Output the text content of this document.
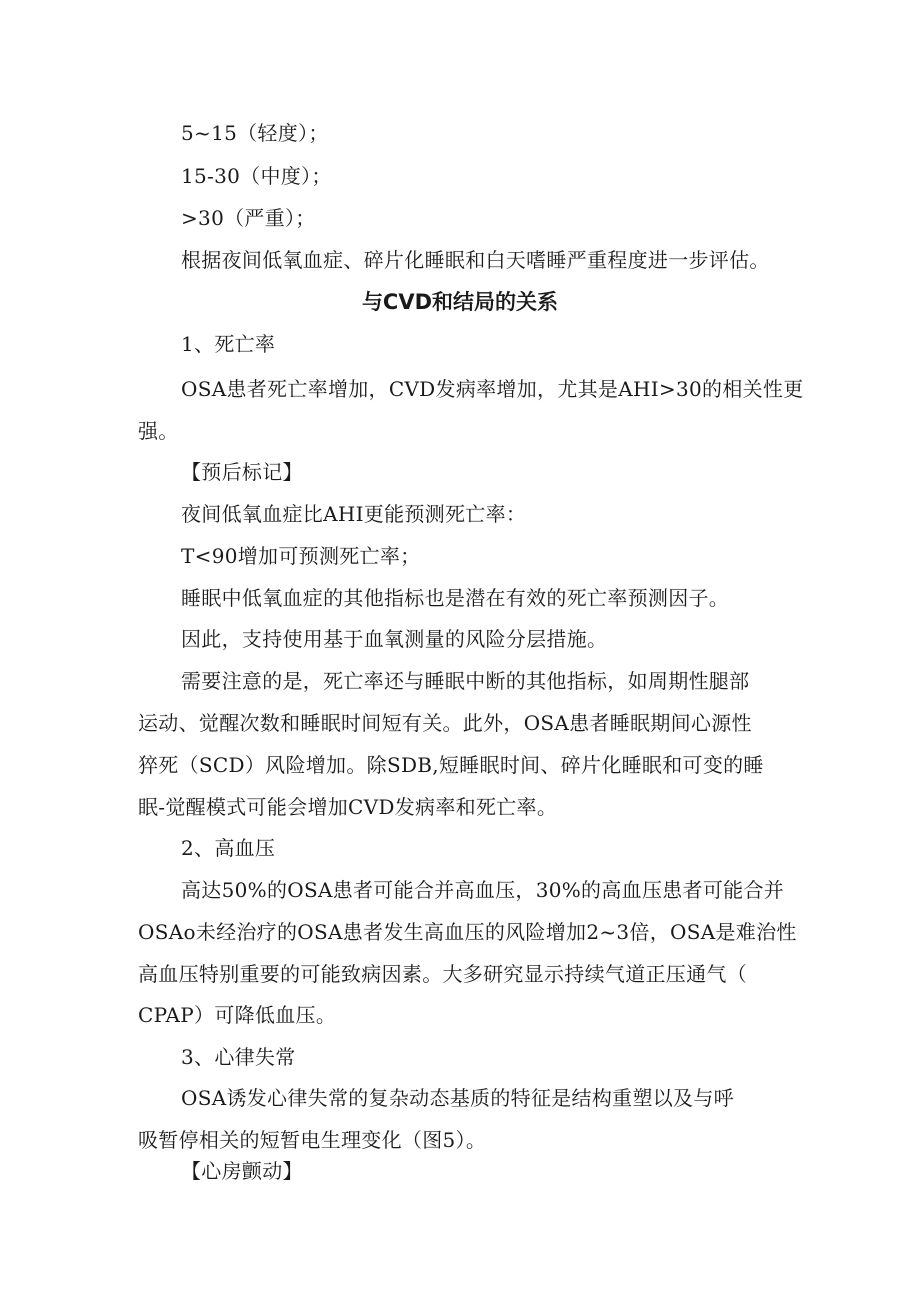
5~15（轻度）；
15-30（中度）；
>30（严重）；
根据夜间低氧血症、碎片化睡眠和白天嗜睡严重程度进一步评估。
与CVD和结局的关系
1、死亡率
OSA患者死亡率增加，CVD发病率增加，尤其是AHI>30的相关性更
强。
【预后标记】
夜间低氧血症比AHI更能预测死亡率：
T<90增加可预测死亡率；
睡眠中低氧血症的其他指标也是潜在有效的死亡率预测因子。
因此，支持使用基于血氧测量的风险分层措施。
需要注意的是，死亡率还与睡眠中断的其他指标，如周期性腿部
运动、觉醒次数和睡眠时间短有关。此外，OSA患者睡眠期间心源性
猝死（SCD）风险增加。除SDB,短睡眠时间、碎片化睡眠和可变的睡
眠-觉醒模式可能会增加CVD发病率和死亡率。
2、高血压
高达50%的OSA患者可能合并高血压，30%的高血压患者可能合并
OSAo未经治疗的OSA患者发生高血压的风险增加2~3倍，OSA是难治性
高血压特别重要的可能致病因素。大多研究显示持续气道正压通气（
CPAP）可降低血压。
3、心律失常
OSA诱发心律失常的复杂动态基质的特征是结构重塑以及与呼
吸暂停相关的短暂电生理变化（图5）。
【心房颤动】
